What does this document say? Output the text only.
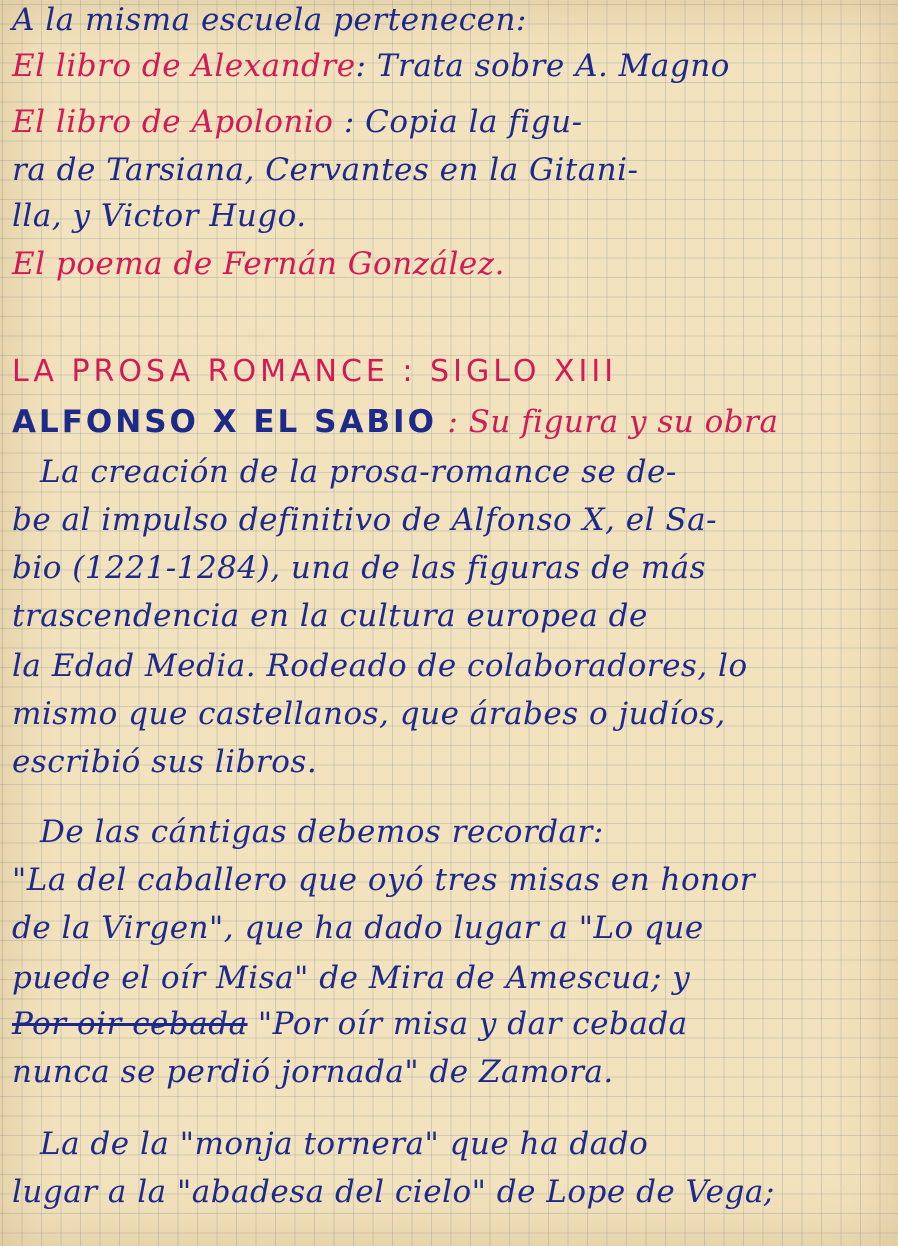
A la misma escuela pertenecen:
El libro de Alexandre: Trata sobre A. Magno
El libro de Apolonio : Copia la figu-
ra de Tarsiana, Cervantes en la Gitani-
lla, y Victor Hugo.
El poema de Fernán González.
LA PROSA ROMANCE : SIGLO XIII
ALFONSO X EL SABIO : Su figura y su obra
La creación de la prosa-romance se de-
be al impulso definitivo de Alfonso X, el Sa-
bio (1221-1284), una de las figuras de más
trascendencia en la cultura europea de
la Edad Media. Rodeado de colaboradores, lo
mismo que castellanos, que árabes o judíos,
escribió sus libros.
De las cántigas debemos recordar:
"La del caballero que oyó tres misas en honor
de la Virgen", que ha dado lugar a "Lo que
puede el oír Misa" de Mira de Amescua; y
Por oir cebada "Por oír misa y dar cebada
nunca se perdió jornada" de Zamora.
La de la "monja tornera" que ha dado
lugar a la "abadesa del cielo" de Lope de Vega;
